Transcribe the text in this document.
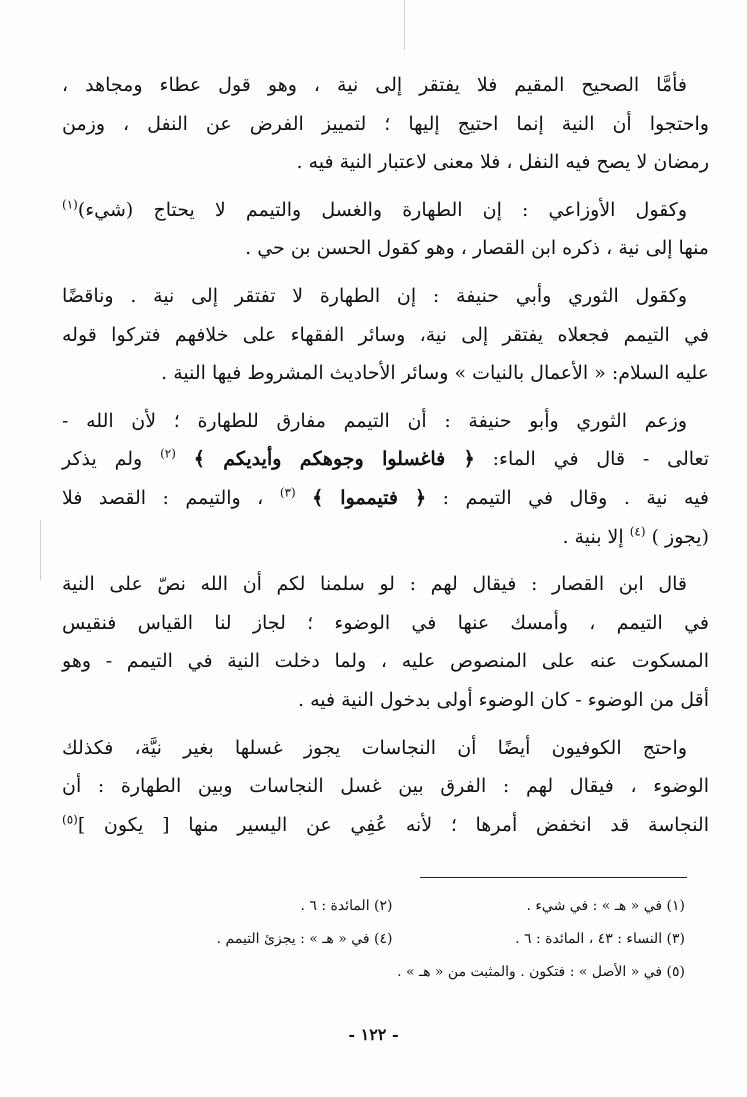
فأمَّا الصحيح المقيم فلا يفتقر إلى نية ، وهو قول عطاء ومجاهد ،
واحتجوا أن النية إنما احتيج إليها ؛ لتمييز الفرض عن النفل ، وزمن
رمضان لا يصح فيه النفل ، فلا معنى لاعتبار النية فيه .

وكقول الأوزاعي : إن الطهارة والغسل والتيمم لا يحتاج (شيء)$^{(١)}$
منها إلى نية ، ذكره ابن القصار ، وهو كقول الحسن بن حي .

وكقول الثوري وأبي حنيفة : إن الطهارة لا تفتقر إلى نية . وناقضًا
في التيمم فجعلاه يفتقر إلى نية، وسائر الفقهاء على خلافهم فتركوا قوله
عليه السلام: « الأعمال بالنيات » وسائر الأحاديث المشروط فيها النية .

وزعم الثوري وأبو حنيفة : أن التيمم مفارق للطهارة ؛ لأن الله -
تعالى - قال في الماء: ﴿ فاغسلوا وجوهكم وأيديكم ﴾ $^{(٢)}$ ولم يذكر
فيه نية . وقال في التيمم : ﴿ فتيمموا ﴾ $^{(٣)}$ ، والتيمم : القصد فلا
(يجوز ) $^{(٤)}$ إلا بنية .

قال ابن القصار : فيقال لهم : لو سلمنا لكم أن الله نصّ على النية
في التيمم ، وأمسك عنها في الوضوء ؛ لجاز لنا القياس فنقيس
المسكوت عنه على المنصوص عليه ، ولما دخلت النية في التيمم - وهو
أقل من الوضوء - كان الوضوء أولى بدخول النية فيه .

واحتج الكوفيون أيضًا أن النجاسات يجوز غسلها بغير نيَّة، فكذلك
الوضوء ، فيقال لهم : الفرق بين غسل النجاسات وبين الطهارة : أن
النجاسة قد انخفض أمرها ؛ لأنه عُفِي عن اليسير منها [ يكون ]$^{(٥)}$

(١) في « هـ » : في شيء .
(٢) المائدة : ٦ .
(٣) النساء : ٤٣ ، المائدة : ٦ .
(٤) في « هـ » : يجزئ التيمم .
(٥) في « الأصل » : فتكون . والمثبت من « هـ » .
- ١٢٢ -
